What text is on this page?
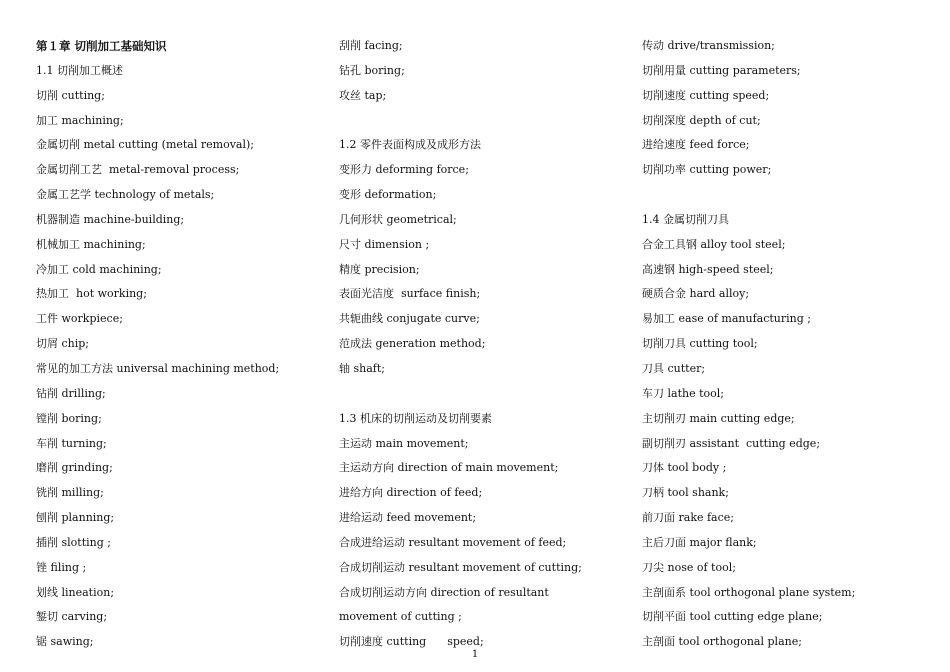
第１章 切削加工基础知识
1.1 切削加工概述
切削 cutting;
加工 machining;
金属切削 metal cutting (metal removal);
金属切削工艺  metal-removal process;
金属工艺学 technology of metals;
机器制造 machine-building;
机械加工 machining;
冷加工 cold machining;
热加工  hot working;
工件 workpiece;
切屑 chip;
常见的加工方法 universal machining method;
钻削 drilling;
镗削 boring;
车削 turning;
磨削 grinding;
铣削 milling;
刨削 planning;
插削 slotting ;
锉 filing ;
划线 lineation;
錾切 carving;
锯 sawing;
刮削 facing;
钻孔 boring;
攻丝 tap;
1.2 零件表面构成及成形方法
变形力 deforming force;
变形 deformation;
几何形状 geometrical;
尺寸 dimension ;
精度 precision;
表面光洁度  surface finish;
共轭曲线 conjugate curve;
范成法 generation method;
轴 shaft;
1.3 机床的切削运动及切削要素
主运动 main movement;
主运动方向 direction of main movement;
进给方向 direction of feed;
进给运动 feed movement;
合成进给运动 resultant movement of feed;
合成切削运动 resultant movement of cutting;
合成切削运动方向 direction of resultant
movement of cutting ;
切削速度 cutting      speed;
传动 drive/transmission;
切削用量 cutting parameters;
切削速度 cutting speed;
切削深度 depth of cut;
进给速度 feed force;
切削功率 cutting power;
1.4 金属切削刀具
合金工具钢 alloy tool steel;
高速钢 high-speed steel;
硬质合金 hard alloy;
易加工 ease of manufacturing ;
切削刀具 cutting tool;
刀具 cutter;
车刀 lathe tool;
主切削刃 main cutting edge;
副切削刃 assistant  cutting edge;
刀体 tool body ;
刀柄 tool shank;
前刀面 rake face;
主后刀面 major flank;
刀尖 nose of tool;
主剖面系 tool orthogonal plane system;
切削平面 tool cutting edge plane;
主剖面 tool orthogonal plane;
1
